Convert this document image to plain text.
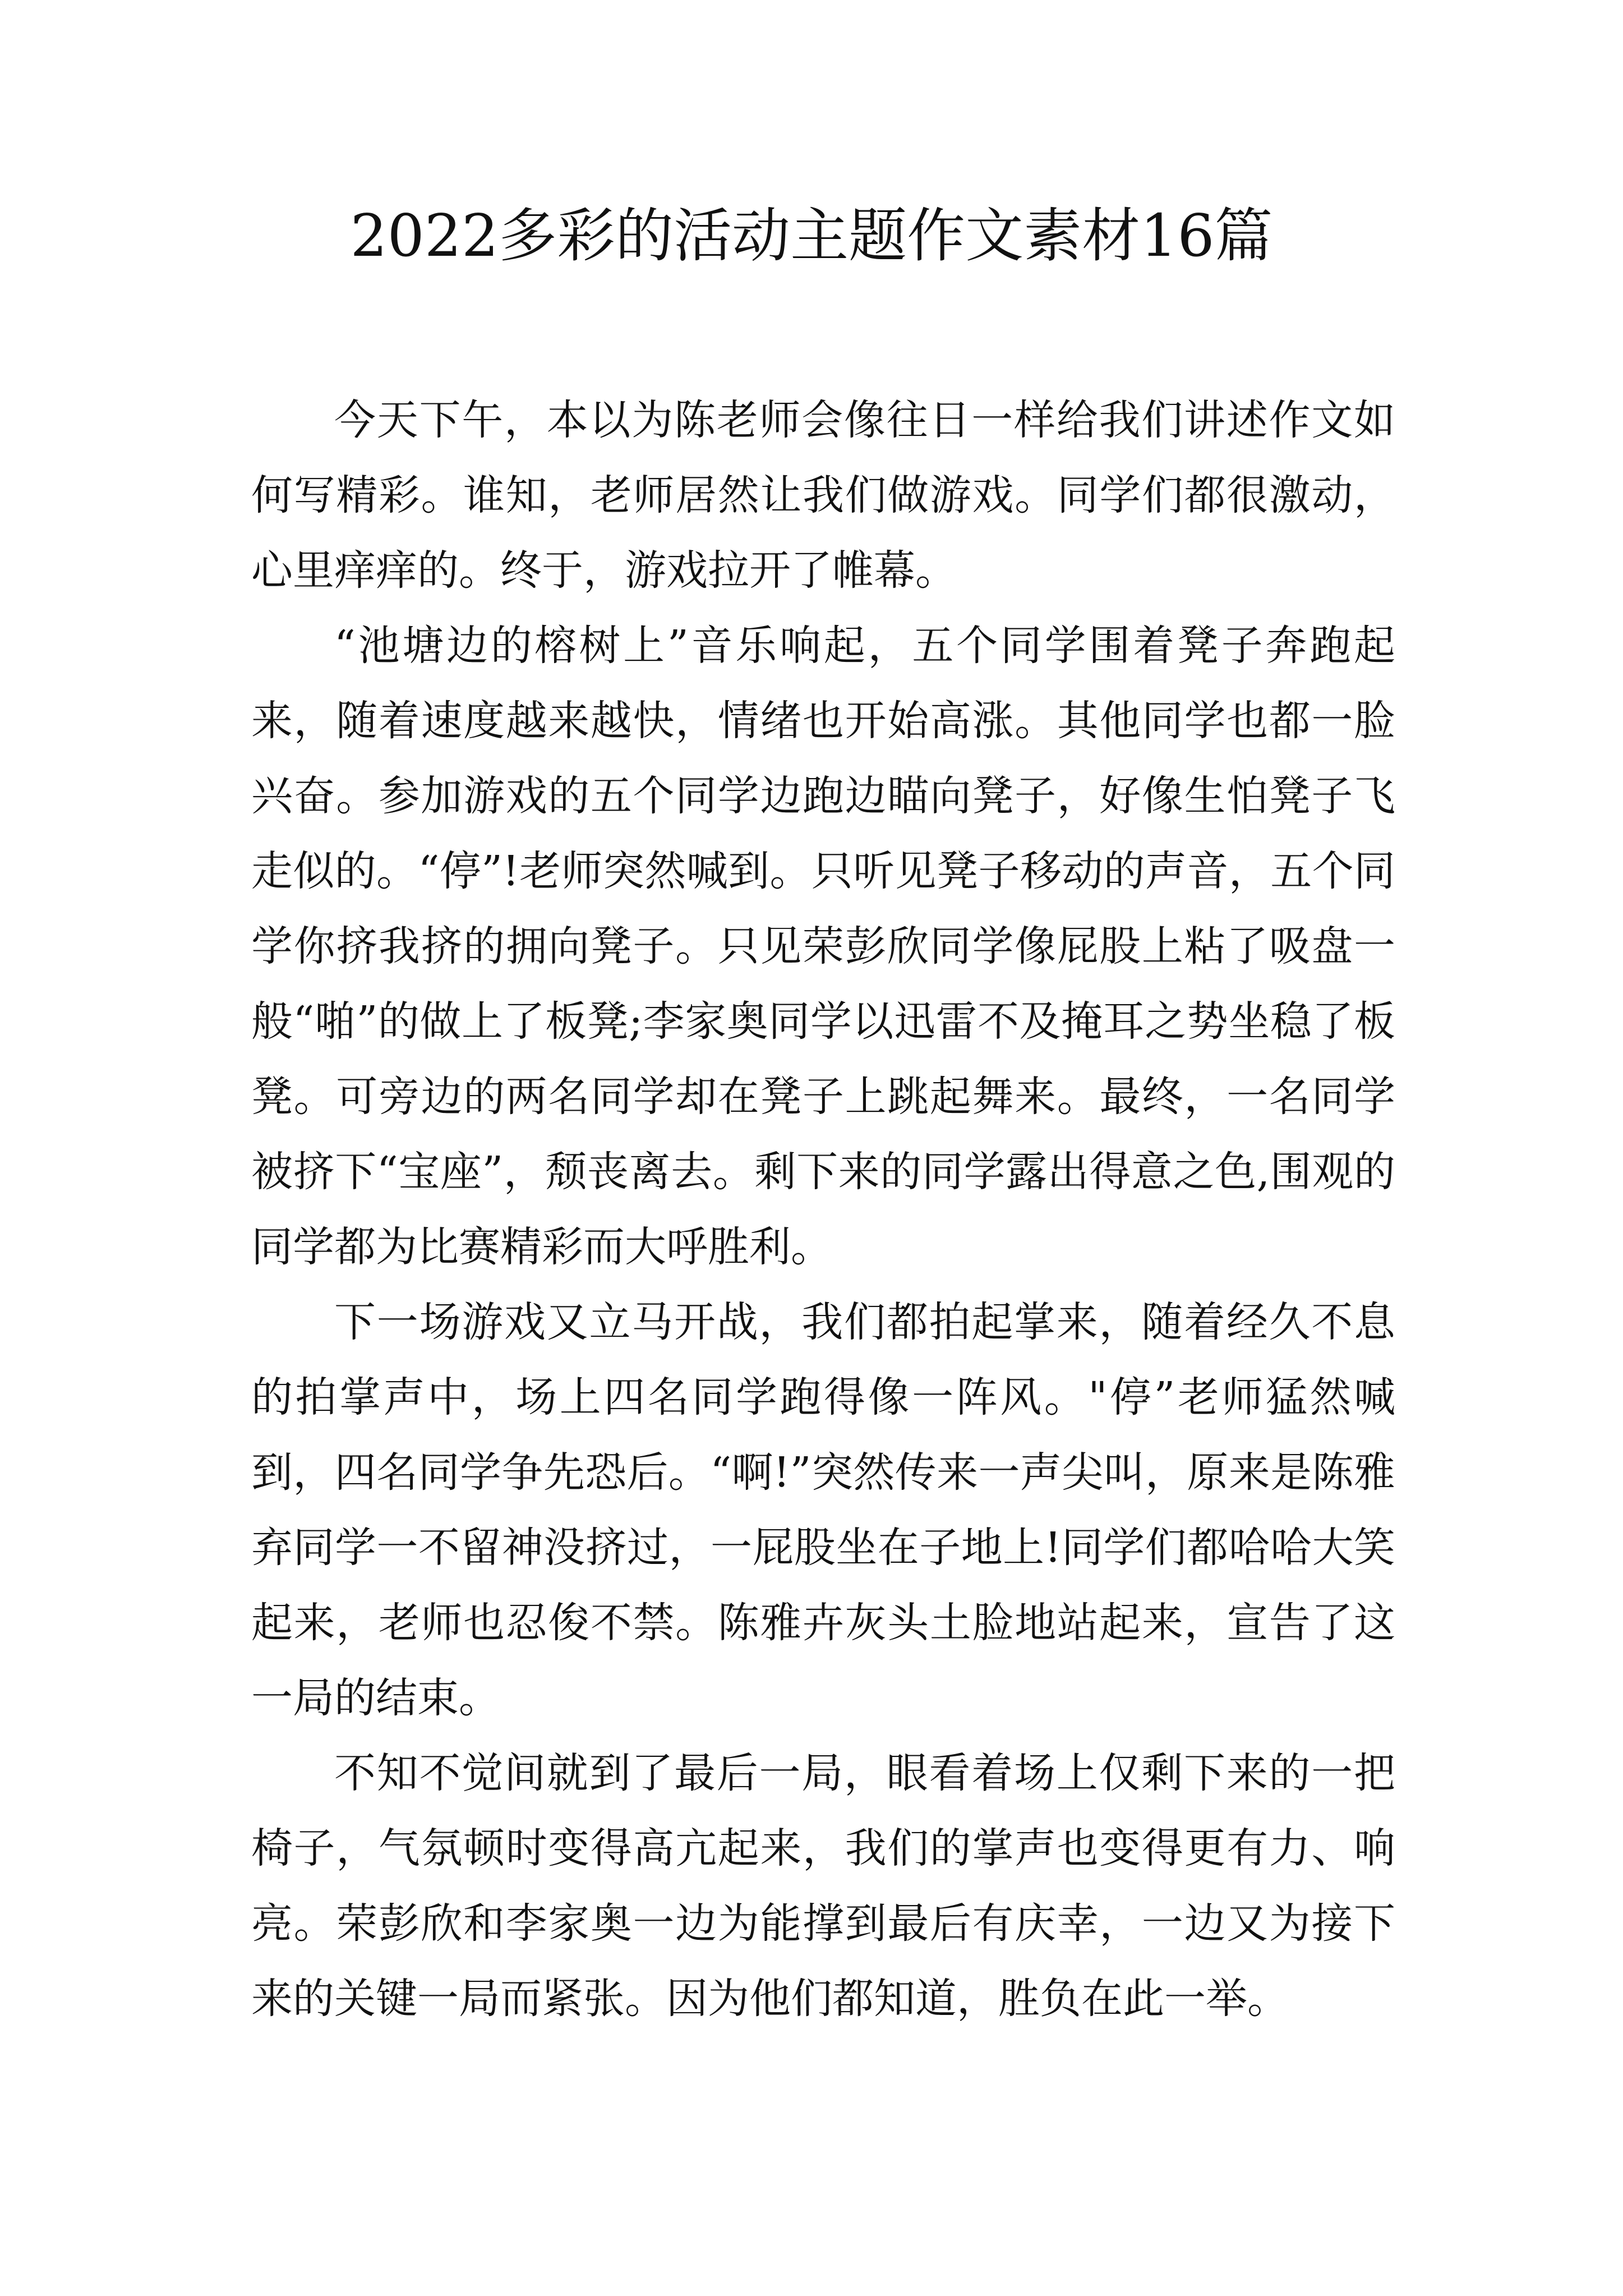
2022多彩的活动主题作文素材16篇

今天下午，本以为陈老师会像往日一样给我们讲述作文如何写精彩。谁知，老师居然让我们做游戏。同学们都很激动，心里痒痒的。终于，游戏拉开了帷幕。

“池塘边的榕树上”音乐响起，五个同学围着凳子奔跑起来，随着速度越来越快，情绪也开始高涨。其他同学也都一脸兴奋。参加游戏的五个同学边跑边瞄向凳子，好像生怕凳子飞走似的。“停”!老师突然喊到。只听见凳子移动的声音，五个同学你挤我挤的拥向凳子。只见荣彭欣同学像屁股上粘了吸盘一般“啪”的做上了板凳;李家奥同学以迅雷不及掩耳之势坐稳了板凳。可旁边的两名同学却在凳子上跳起舞来。最终，一名同学被挤下“宝座”，颓丧离去。剩下来的同学露出得意之色,围观的同学都为比赛精彩而大呼胜利。

下一场游戏又立马开战，我们都拍起掌来，随着经久不息的拍掌声中，场上四名同学跑得像一阵风。"停”老师猛然喊到，四名同学争先恐后。“啊!”突然传来一声尖叫，原来是陈雅弃同学一不留神没挤过，一屁股坐在子地上!同学们都哈哈大笑起来，老师也忍俊不禁。陈雅卉灰头土脸地站起来，宣告了这一局的结束。

不知不觉间就到了最后一局，眼看着场上仅剩下来的一把椅子，气氛顿时变得高亢起来，我们的掌声也变得更有力、响亮。荣彭欣和李家奥一边为能撑到最后有庆幸，一边又为接下来的关键一局而紧张。因为他们都知道，胜负在此一举。
